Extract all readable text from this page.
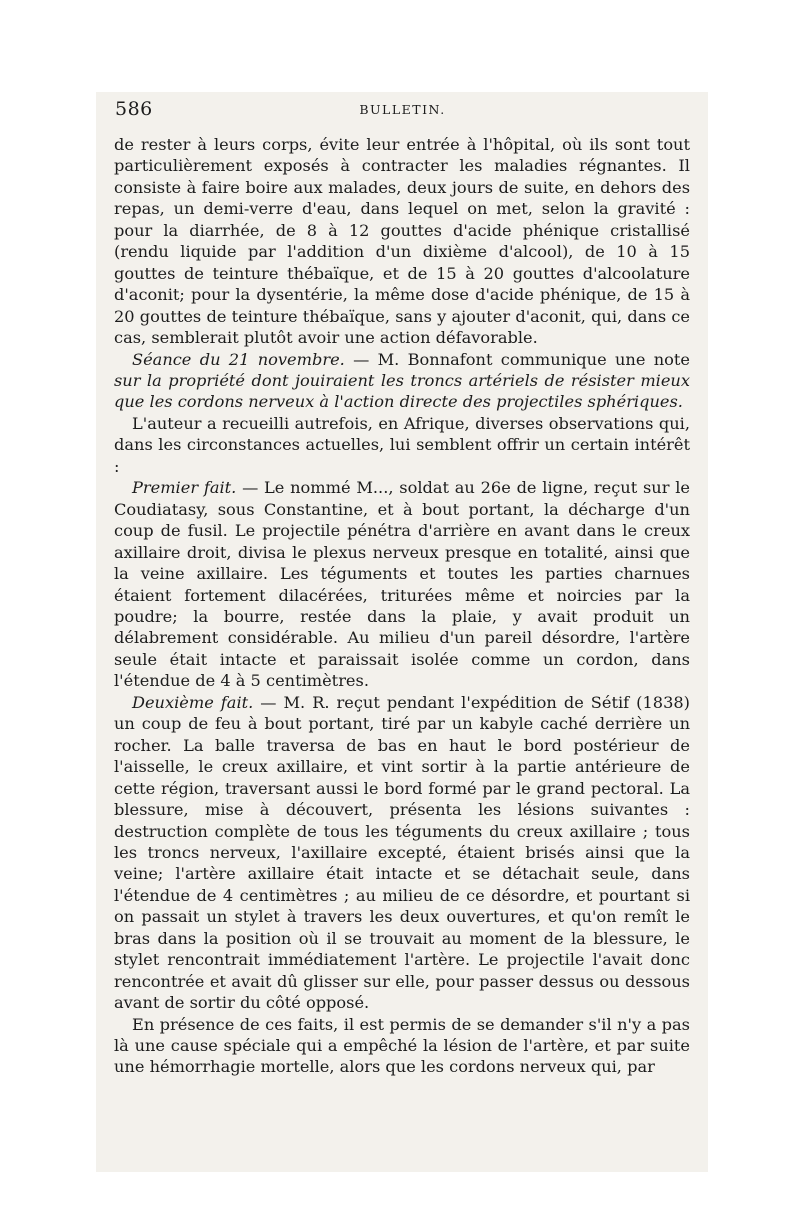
586	BULLETIN.

de rester à leurs corps, évite leur entrée à l'hôpital, où ils sont tout particulièrement exposés à contracter les maladies régnantes. Il consiste à faire boire aux malades, deux jours de suite, en dehors des repas, un demi-verre d'eau, dans lequel on met, selon la gravité : pour la diarrhée, de 8 à 12 gouttes d'acide phénique cristallisé (rendu liquide par l'addition d'un dixième d'alcool), de 10 à 15 gouttes de teinture thébaïque, et de 15 à 20 gouttes d'alcoolature d'aconit; pour la dysentérie, la même dose d'acide phénique, de 15 à 20 gouttes de teinture thébaïque, sans y ajouter d'aconit, qui, dans ce cas, semblerait plutôt avoir une action défavorable.

Séance du 21 novembre. — M. Bonnafont communique une note sur la propriété dont jouiraient les troncs artériels de résister mieux que les cordons nerveux à l'action directe des projectiles sphériques.

L'auteur a recueilli autrefois, en Afrique, diverses observations qui, dans les circonstances actuelles, lui semblent offrir un certain intérêt :

Premier fait. — Le nommé M..., soldat au 26e de ligne, reçut sur le Coudiatasy, sous Constantine, et à bout portant, la décharge d'un coup de fusil. Le projectile pénétra d'arrière en avant dans le creux axillaire droit, divisa le plexus nerveux presque en totalité, ainsi que la veine axillaire. Les téguments et toutes les parties charnues étaient fortement dilacérées, triturées même et noircies par la poudre; la bourre, restée dans la plaie, y avait produit un délabrement considérable. Au milieu d'un pareil désordre, l'artère seule était intacte et paraissait isolée comme un cordon, dans l'étendue de 4 à 5 centimètres.

Deuxième fait. — M. R. reçut pendant l'expédition de Sétif (1838) un coup de feu à bout portant, tiré par un kabyle caché derrière un rocher. La balle traversa de bas en haut le bord postérieur de l'aisselle, le creux axillaire, et vint sortir à la partie antérieure de cette région, traversant aussi le bord formé par le grand pectoral. La blessure, mise à découvert, présenta les lésions suivantes : destruction complète de tous les téguments du creux axillaire ; tous les troncs nerveux, l'axillaire excepté, étaient brisés ainsi que la veine; l'artère axillaire était intacte et se détachait seule, dans l'étendue de 4 centimètres ; au milieu de ce désordre, et pourtant si on passait un stylet à travers les deux ouvertures, et qu'on remît le bras dans la position où il se trouvait au moment de la blessure, le stylet rencontrait immédiatement l'artère. Le projectile l'avait donc rencontrée et avait dû glisser sur elle, pour passer dessus ou dessous avant de sortir du côté opposé.

En présence de ces faits, il est permis de se demander s'il n'y a pas là une cause spéciale qui a empêché la lésion de l'artère, et par suite une hémorrhagie mortelle, alors que les cordons nerveux qui, par
